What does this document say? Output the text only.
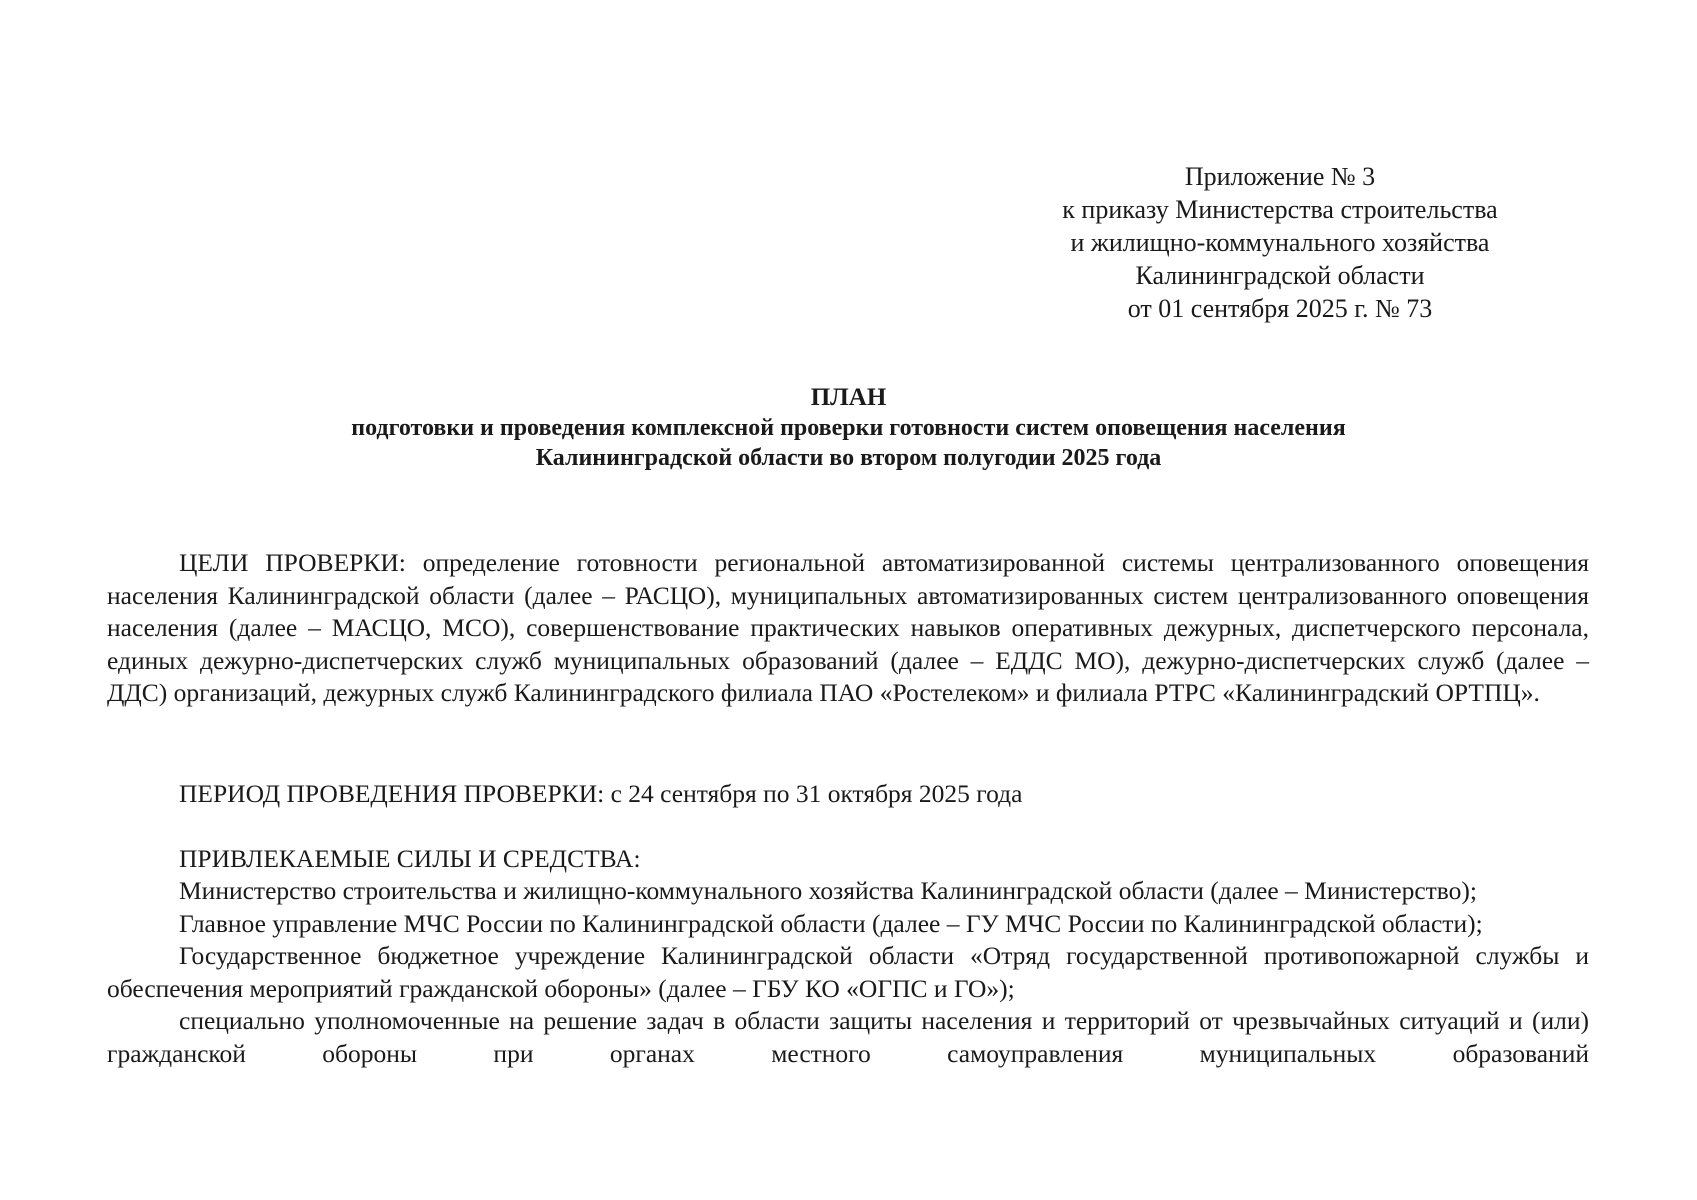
Приложение № 3
к приказу Министерства строительства
и жилищно-коммунального хозяйства
Калининградской области
от 01 сентября 2025 г. № 73
ПЛАН
подготовки и проведения комплексной проверки готовности систем оповещения населения
Калининградской области во втором полугодии 2025 года

ЦЕЛИ ПРОВЕРКИ: определение готовности региональной автоматизированной системы централизованного оповещения населения Калининградской области (далее – РАСЦО), муниципальных автоматизированных систем централизованного оповещения населения (далее – МАСЦО, МСО), совершенствование практических навыков оперативных дежурных, диспетчерского персонала, единых дежурно-диспетчерских служб муниципальных образований (далее – ЕДДС МО), дежурно-диспетчерских служб (далее – ДДС) организаций, дежурных служб Калининградского филиала ПАО «Ростелеком» и филиала РТРС «Калининградский ОРТПЦ».

ПЕРИОД ПРОВЕДЕНИЯ ПРОВЕРКИ: с 24 сентября по 31 октября 2025 года

ПРИВЛЕКАЕМЫЕ СИЛЫ И СРЕДСТВА:

Министерство строительства и жилищно-коммунального хозяйства Калининградской области (далее – Министерство);

Главное управление МЧС России по Калининградской области (далее – ГУ МЧС России по Калининградской области);

Государственное бюджетное учреждение Калининградской области «Отряд государственной противопожарной службы и обеспечения мероприятий гражданской обороны» (далее – ГБУ КО «ОГПС и ГО»);

специально уполномоченные на решение задач в области защиты населения и территорий от чрезвычайных ситуаций и (или) гражданской обороны при органах местного самоуправления муниципальных образований
